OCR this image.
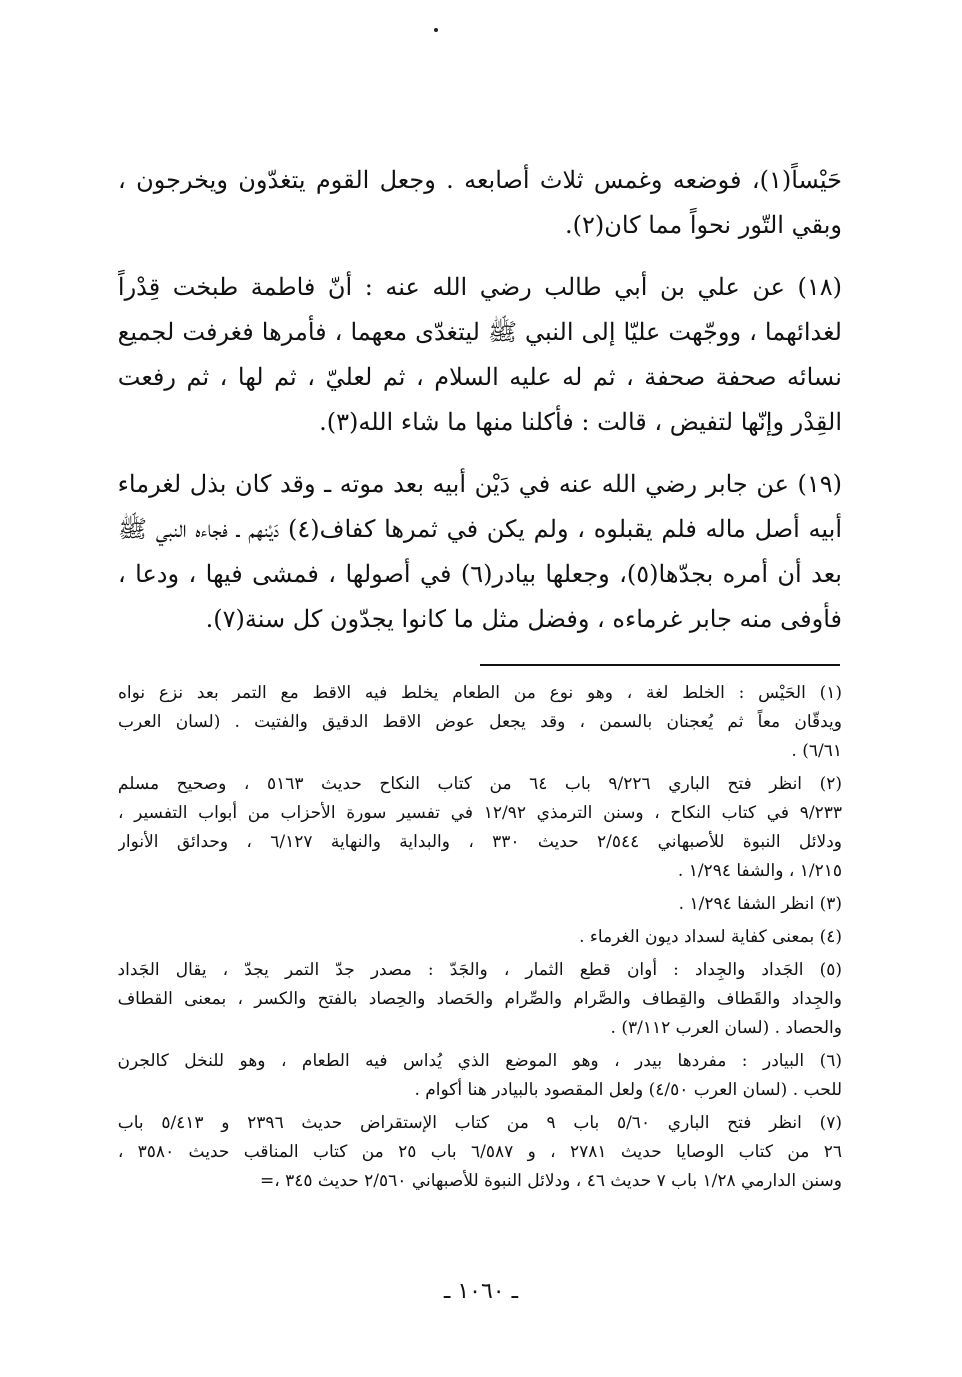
حَيْساً(١)، فوضعه وغمس ثلاث أصابعه . وجعل القوم يتغدّون ويخرجون ،
وبقي التّور نحواً مما كان(٢).
(١٨) عن علي بن أبي طالب رضي الله عنه : أنّ فاطمة طبخت قِدْراً
لغدائهما ، ووجّهت عليّا إلى النبي ﷺ ليتغدّى معهما ، فأمرها فغرفت لجميع
نسائه صحفة صحفة ، ثم له عليه السلام ، ثم لعليّ ، ثم لها ، ثم رفعت
القِدْر وإنّها لتفيض ، قالت : فأكلنا منها ما شاء الله(٣).
(١٩) عن جابر رضي الله عنه في دَيْن أبيه بعد موته ـ وقد كان بذل لغرماء
أبيه أصل ماله فلم يقبلوه ، ولم يكن في ثمرها كفاف(٤) دَيْنهم ـ فجاءه النبي ﷺ
بعد أن أمره بجدّها(٥)، وجعلها بيادر(٦) في أصولها ، فمشى فيها ، ودعا ،
فأوفى منه جابر غرماءه ، وفضل مثل ما كانوا يجدّون كل سنة(٧).
(١) الحَيْس : الخلط لغة ، وهو نوع من الطعام يخلط فيه الاقط مع التمر بعد نزع نواه
ويدقّان معاً ثم يُعجنان بالسمن ، وقد يجعل عوض الاقط الدقيق والفتيت . (لسان العرب
٦/٦١) .
(٢) انظر فتح الباري ٩/٢٢٦ باب ٦٤ من كتاب النكاح حديث ٥١٦٣ ، وصحيح مسلم
٩/٢٣٣ في كتاب النكاح ، وسنن الترمذي ١٢/٩٢ في تفسير سورة الأحزاب من أبواب التفسير ،
ودلائل النبوة للأصبهاني ٢/٥٤٤ حديث ٣٣٠ ، والبداية والنهاية ٦/١٢٧ ، وحدائق الأنوار
١/٢١٥ ، والشفا ١/٢٩٤ .
(٣) انظر الشفا ١/٢٩٤ .
(٤) بمعنى كفاية لسداد ديون الغرماء .
(٥) الجَداد والجِداد : أوان قطع الثمار ، والجَدّ : مصدر جدّ التمر يجدّ ، يقال الجَداد
والجِداد والقَطاف والقِطاف والصَّرام والصِّرام والحَصاد والحِصاد بالفتح والكسر ، بمعنى القطاف
والحصاد . (لسان العرب ٣/١١٢) .
(٦) البيادر : مفردها بيدر ، وهو الموضع الذي يُداس فيه الطعام ، وهو للنخل كالجرن
للحب . (لسان العرب ٤/٥٠) ولعل المقصود بالبيادر هنا أكوام .
(٧) انظر فتح الباري ٥/٦٠ باب ٩ من كتاب الإستقراض حديث ٢٣٩٦ و ٥/٤١٣ باب
٢٦ من كتاب الوصايا حديث ٢٧٨١ ، و ٦/٥٨٧ باب ٢٥ من كتاب المناقب حديث ٣٥٨٠ ،
وسنن الدارمي ١/٢٨ باب ٧ حديث ٤٦ ، ودلائل النبوة للأصبهاني ٢/٥٦٠ حديث ٣٤٥ ،=
ـ ١٠٦٠ ـ
